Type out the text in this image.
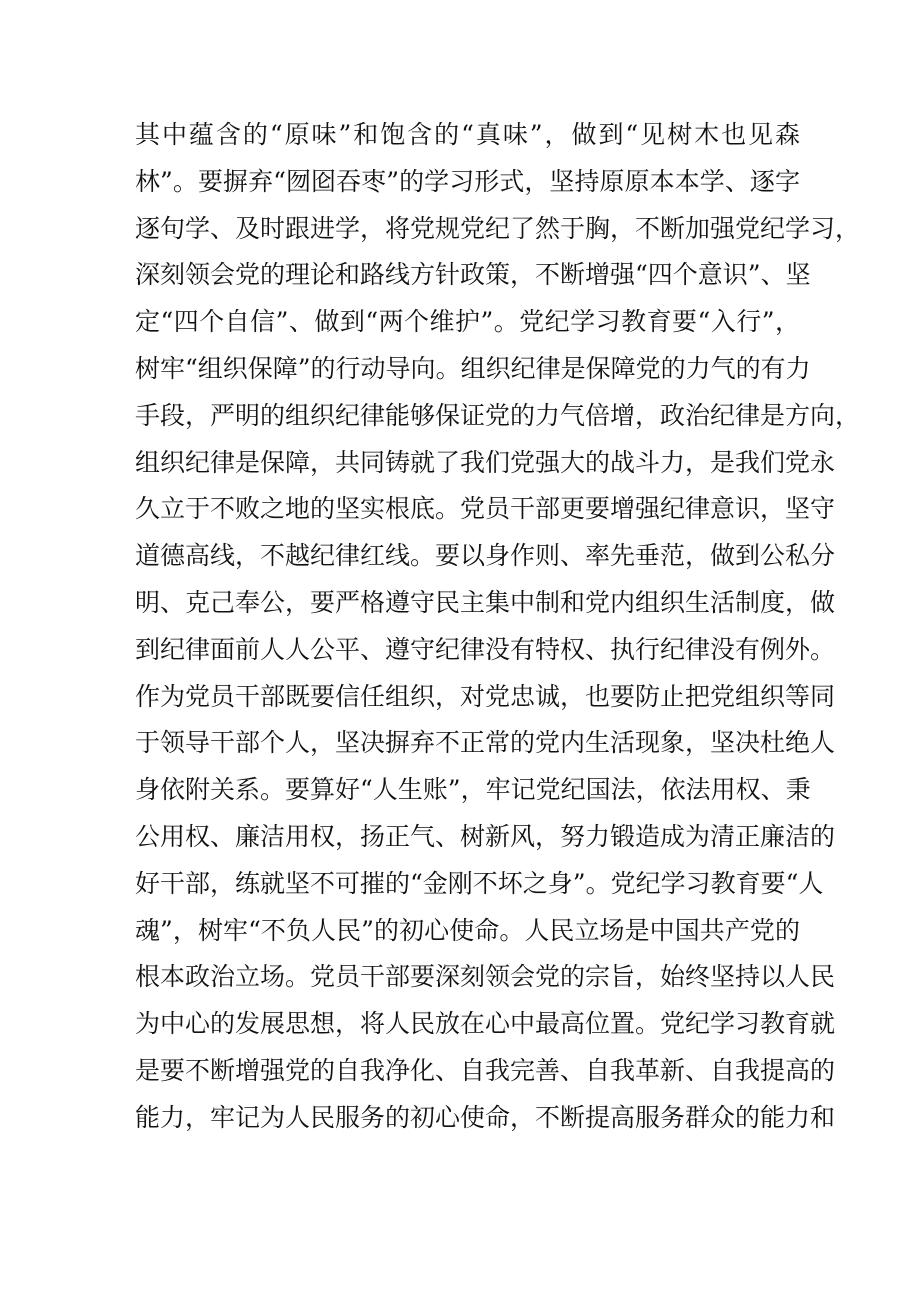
其中蕴含的“原味”和饱含的“真味”，做到“见树木也见森
林”。要摒弃“囫囵吞枣”的学习形式，坚持原原本本学、逐字
逐句学、及时跟进学，将党规党纪了然于胸，不断加强党纪学习，
深刻领会党的理论和路线方针政策，不断增强“四个意识”、坚
定“四个自信”、做到“两个维护”。党纪学习教育要“入行”，
树牢“组织保障”的行动导向。组织纪律是保障党的力气的有力
手段，严明的组织纪律能够保证党的力气倍增，政治纪律是方向，
组织纪律是保障，共同铸就了我们党强大的战斗力，是我们党永
久立于不败之地的坚实根底。党员干部更要增强纪律意识，坚守
道德高线，不越纪律红线。要以身作则、率先垂范，做到公私分
明、克己奉公，要严格遵守民主集中制和党内组织生活制度，做
到纪律面前人人公平、遵守纪律没有特权、执行纪律没有例外。
作为党员干部既要信任组织，对党忠诚，也要防止把党组织等同
于领导干部个人，坚决摒弃不正常的党内生活现象，坚决杜绝人
身依附关系。要算好“人生账”，牢记党纪国法，依法用权、秉
公用权、廉洁用权，扬正气、树新风，努力锻造成为清正廉洁的
好干部，练就坚不可摧的“金刚不坏之身”。党纪学习教育要“人
魂”，树牢“不负人民”的初心使命。人民立场是中国共产党的
根本政治立场。党员干部要深刻领会党的宗旨，始终坚持以人民
为中心的发展思想，将人民放在心中最高位置。党纪学习教育就
是要不断增强党的自我净化、自我完善、自我革新、自我提高的
能力，牢记为人民服务的初心使命，不断提高服务群众的能力和
